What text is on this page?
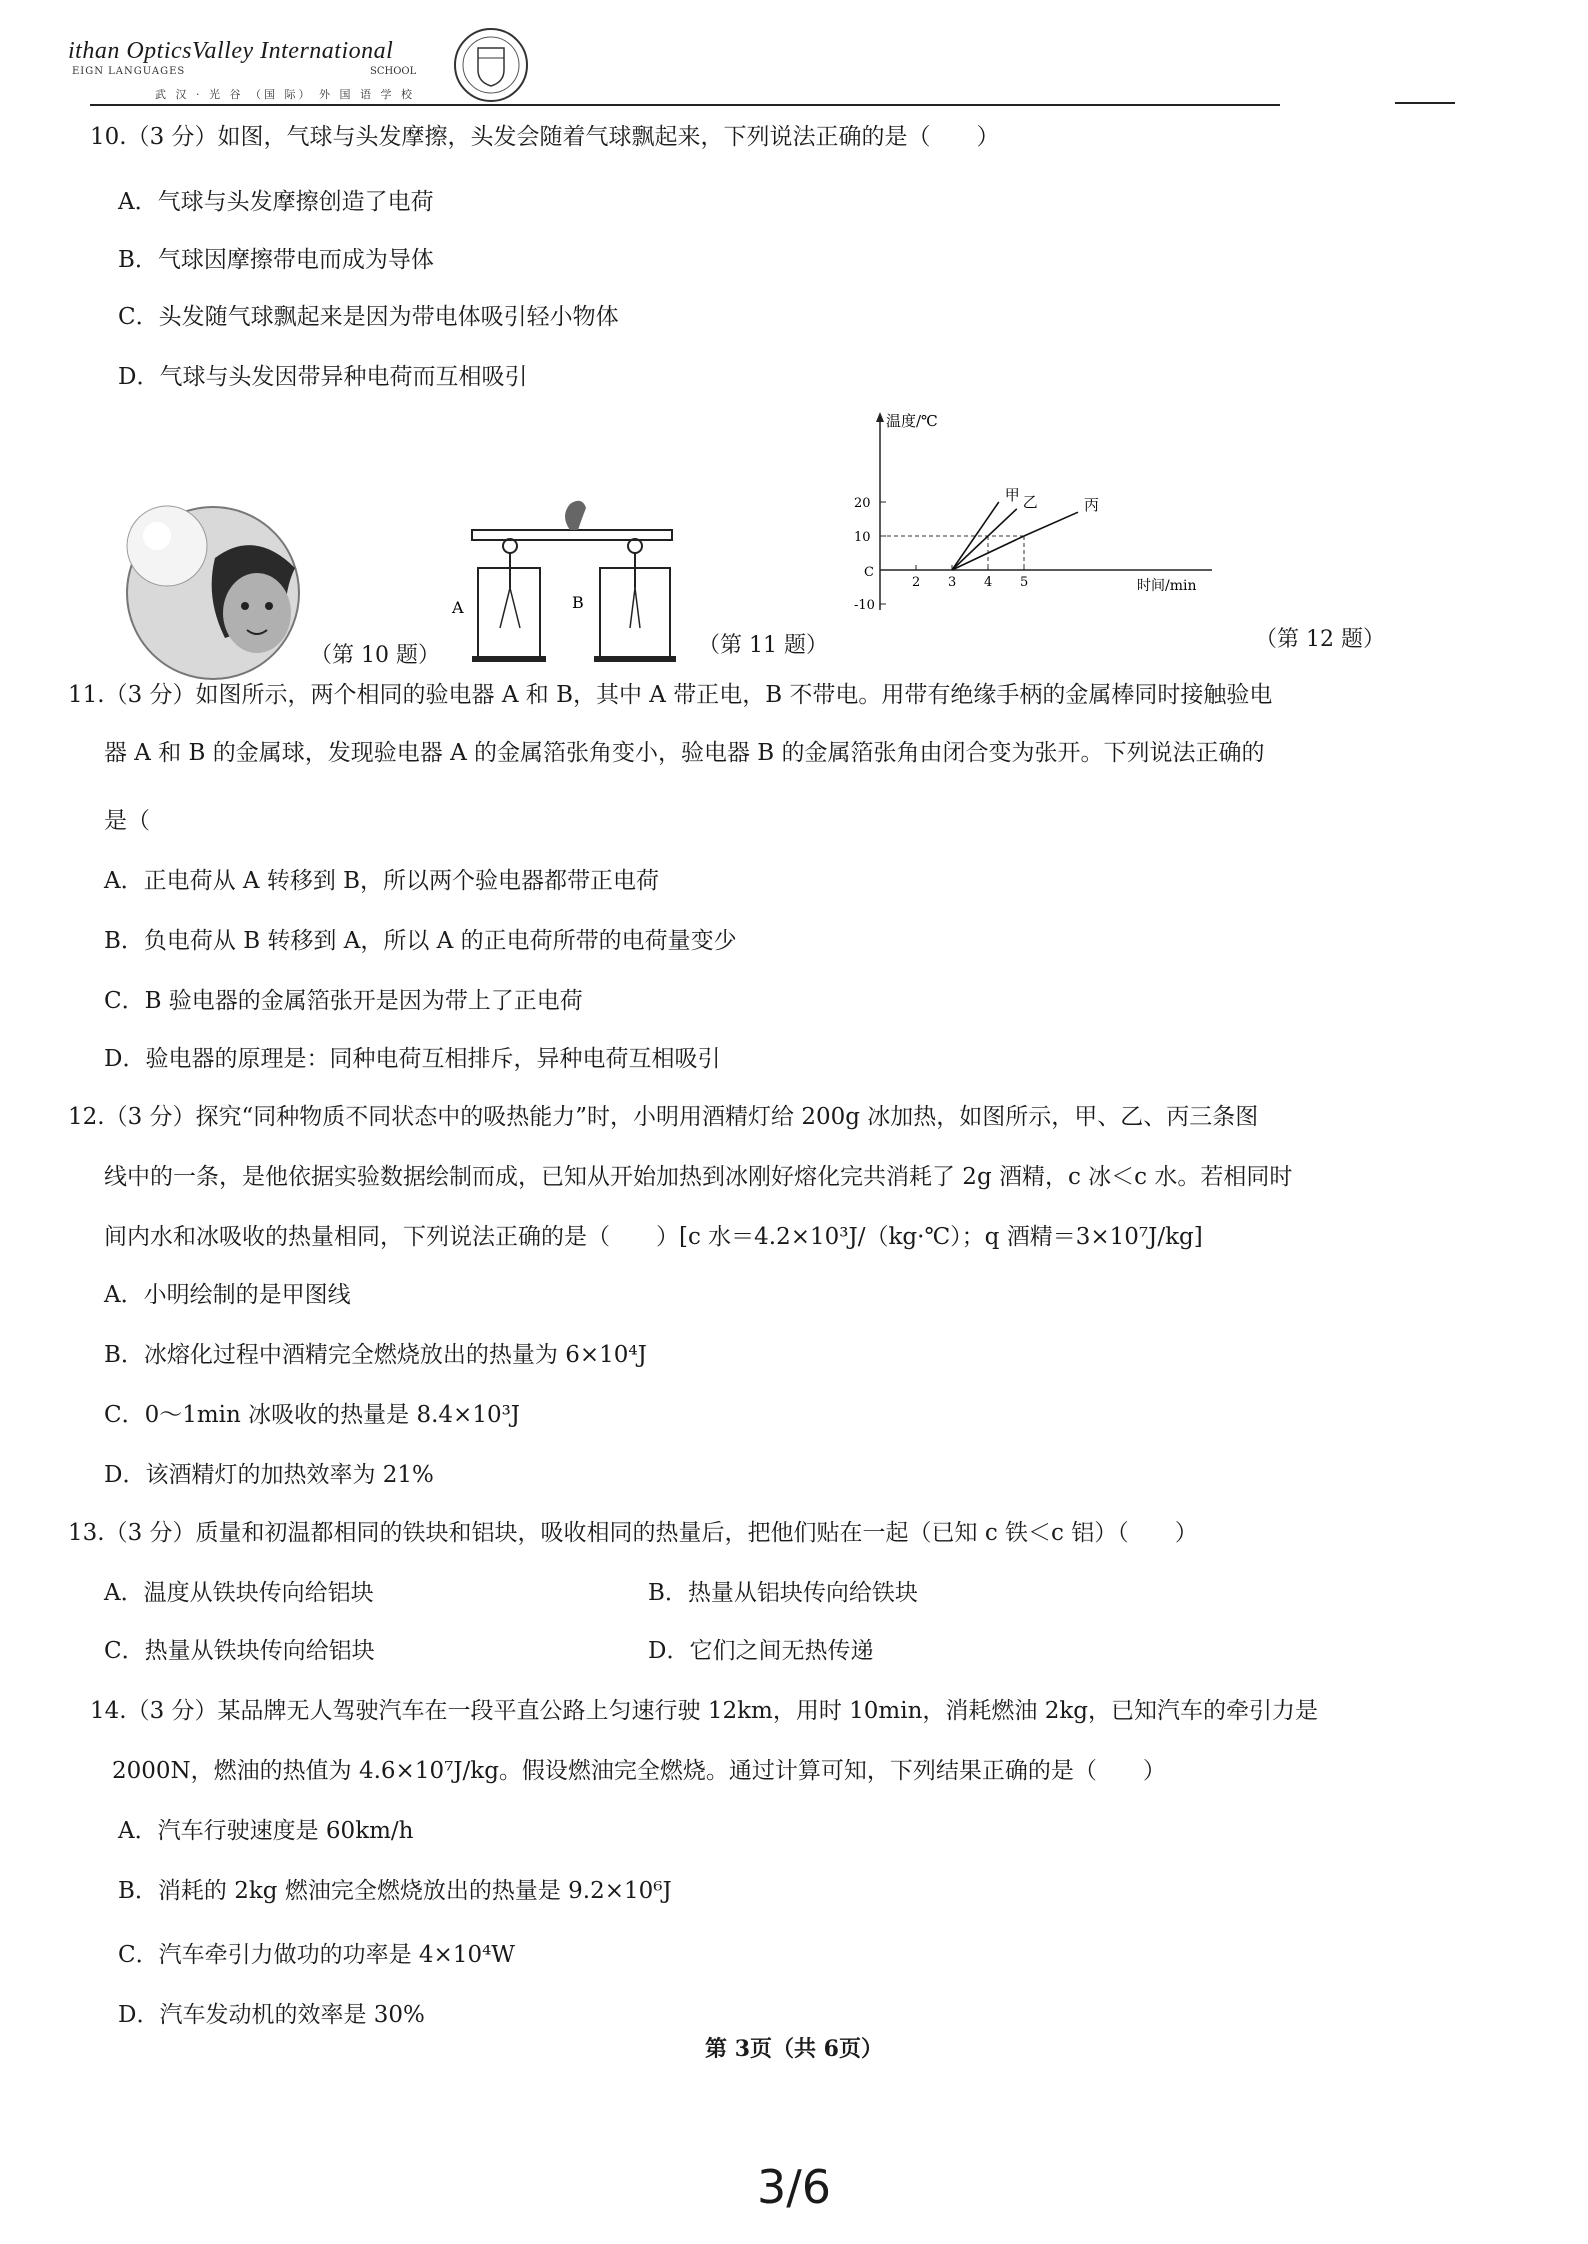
ithan OpticsValley International
EIGN LANGUAGES	SCHOOL
武 汉 · 光 谷 （国 际） 外 国 语 学 校
10.（3 分）如图，气球与头发摩擦，头发会随着气球飘起来，下列说法正确的是（　　）
A．气球与头发摩擦创造了电荷
B．气球因摩擦带电而成为导体
C．头发随气球飘起来是因为带电体吸引轻小物体
D．气球与头发因带异种电荷而互相吸引
（第 10 题）
A	B
（第 11 题）
温度/℃
时间/min
C
20
10
-10
2 3 4 5
甲 乙	丙
（第 12 题）
11.（3 分）如图所示，两个相同的验电器 A 和 B，其中 A 带正电，B 不带电。用带有绝缘手柄的金属棒同时接触验电
器 A 和 B 的金属球，发现验电器 A 的金属箔张角变小，验电器 B 的金属箔张角由闭合变为张开。下列说法正确的
是（
A．正电荷从 A 转移到 B，所以两个验电器都带正电荷
B．负电荷从 B 转移到 A，所以 A 的正电荷所带的电荷量变少
C．B 验电器的金属箔张开是因为带上了正电荷
D．验电器的原理是：同种电荷互相排斥，异种电荷互相吸引
12.（3 分）探究“同种物质不同状态中的吸热能力”时，小明用酒精灯给 200g 冰加热，如图所示，甲、乙、丙三条图
线中的一条，是他依据实验数据绘制而成，已知从开始加热到冰刚好熔化完共消耗了 2g 酒精，c 冰＜c 水。若相同时
间内水和冰吸收的热量相同，下列说法正确的是（　　）[c 水＝4.2×10³J/（kg·℃）；q 酒精＝3×10⁷J/kg]
A．小明绘制的是甲图线
B．冰熔化过程中酒精完全燃烧放出的热量为 6×10⁴J
C．0～1min 冰吸收的热量是 8.4×10³J
D．该酒精灯的加热效率为 21%
13.（3 分）质量和初温都相同的铁块和铝块，吸收相同的热量后，把他们贴在一起（已知 c 铁＜c 铝）（　　）
A．温度从铁块传向给铝块	B．热量从铝块传向给铁块
C．热量从铁块传向给铝块	D．它们之间无热传递
14.（3 分）某品牌无人驾驶汽车在一段平直公路上匀速行驶 12km，用时 10min，消耗燃油 2kg，已知汽车的牵引力是
2000N，燃油的热值为 4.6×10⁷J/kg。假设燃油完全燃烧。通过计算可知，下列结果正确的是（　　）
A．汽车行驶速度是 60km/h
B．消耗的 2kg 燃油完全燃烧放出的热量是 9.2×10⁶J
C．汽车牵引力做功的功率是 4×10⁴W
D．汽车发动机的效率是 30%
第 3页（共 6页）
3/6
